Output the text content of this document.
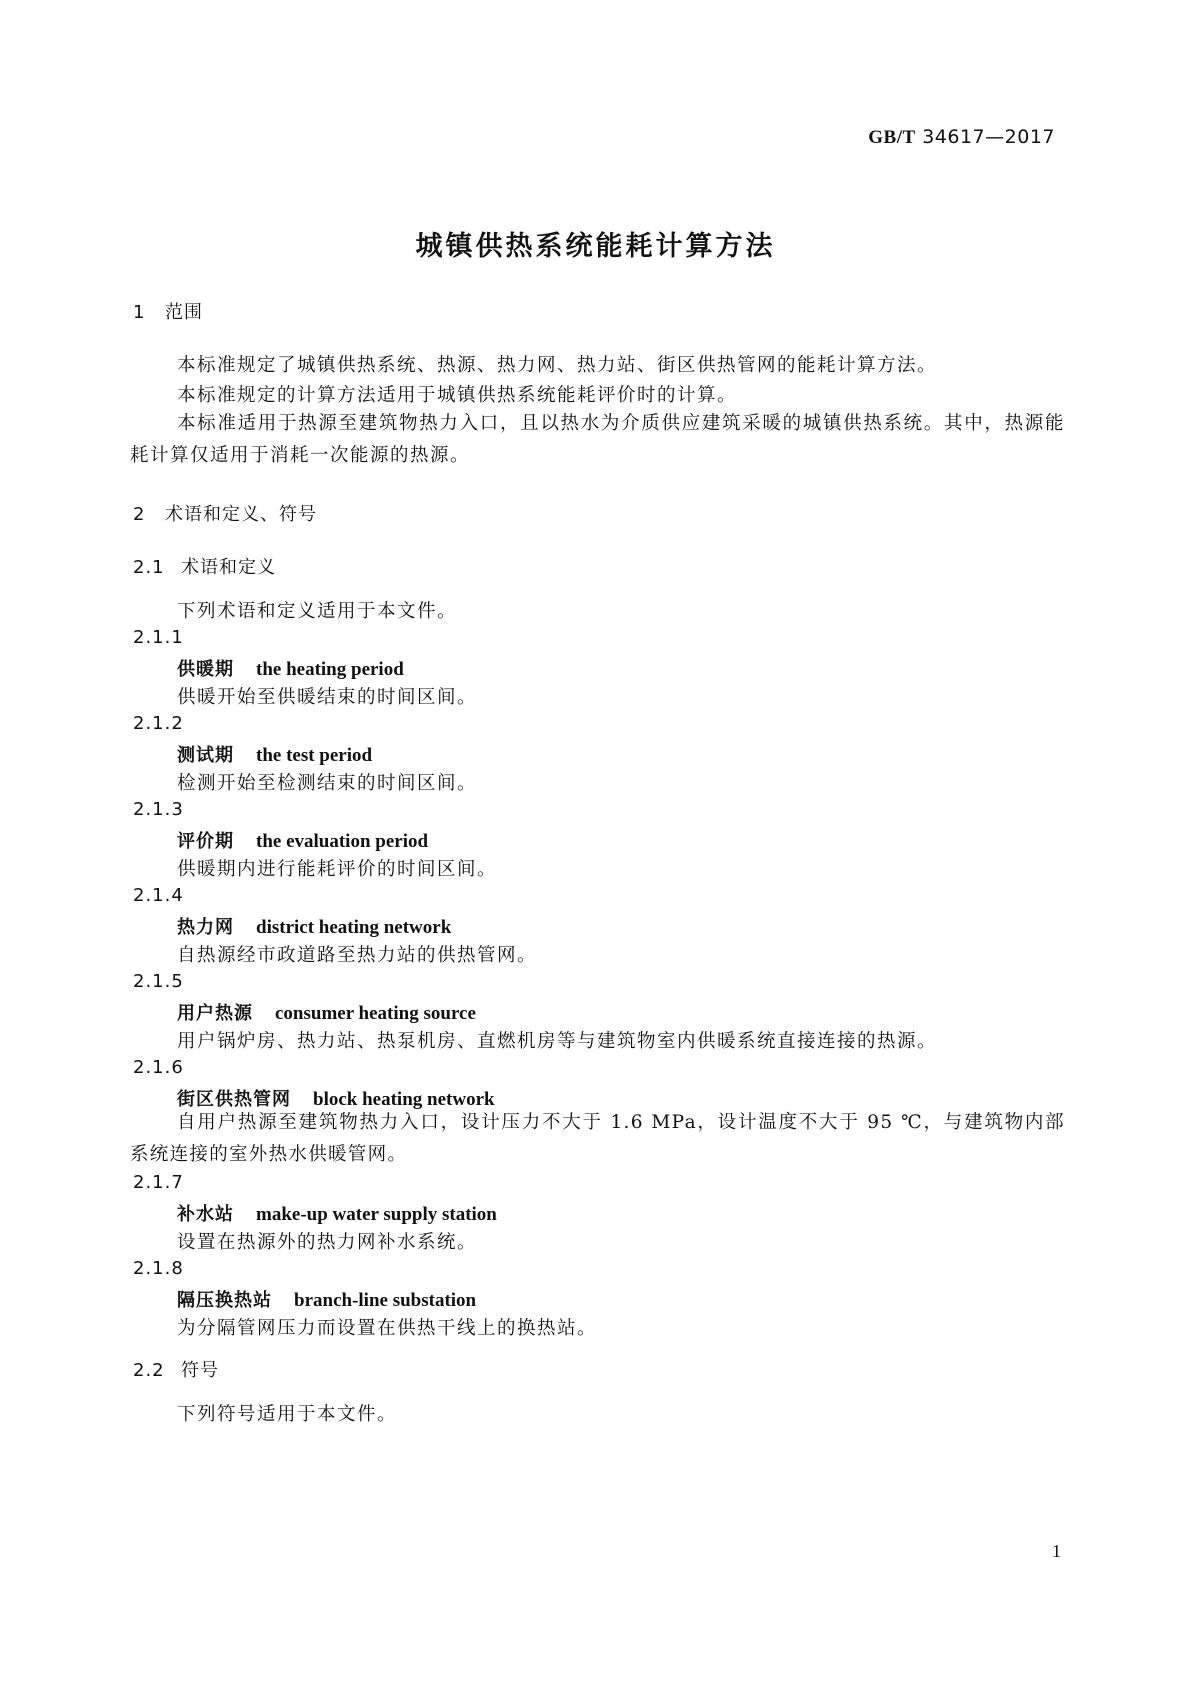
GB/T 34617—2017
城镇供热系统能耗计算方法
1 范围
本标准规定了城镇供热系统、热源、热力网、热力站、街区供热管网的能耗计算方法。
本标准规定的计算方法适用于城镇供热系统能耗评价时的计算。
本标准适用于热源至建筑物热力入口，且以热水为介质供应建筑采暖的城镇供热系统。其中，热源能耗计算仅适用于消耗一次能源的热源。
2 术语和定义、符号
2.1 术语和定义
下列术语和定义适用于本文件。
2.1.1
供暖期 the heating period
供暖开始至供暖结束的时间区间。
2.1.2
测试期 the test period
检测开始至检测结束的时间区间。
2.1.3
评价期 the evaluation period
供暖期内进行能耗评价的时间区间。
2.1.4
热力网 district heating network
自热源经市政道路至热力站的供热管网。
2.1.5
用户热源 consumer heating source
用户锅炉房、热力站、热泵机房、直燃机房等与建筑物室内供暖系统直接连接的热源。
2.1.6
街区供热管网 block heating network
自用户热源至建筑物热力入口，设计压力不大于 1.6 MPa，设计温度不大于 95 ℃，与建筑物内部系统连接的室外热水供暖管网。
2.1.7
补水站 make-up water supply station
设置在热源外的热力网补水系统。
2.1.8
隔压换热站 branch-line substation
为分隔管网压力而设置在供热干线上的换热站。
2.2 符号
下列符号适用于本文件。
1
